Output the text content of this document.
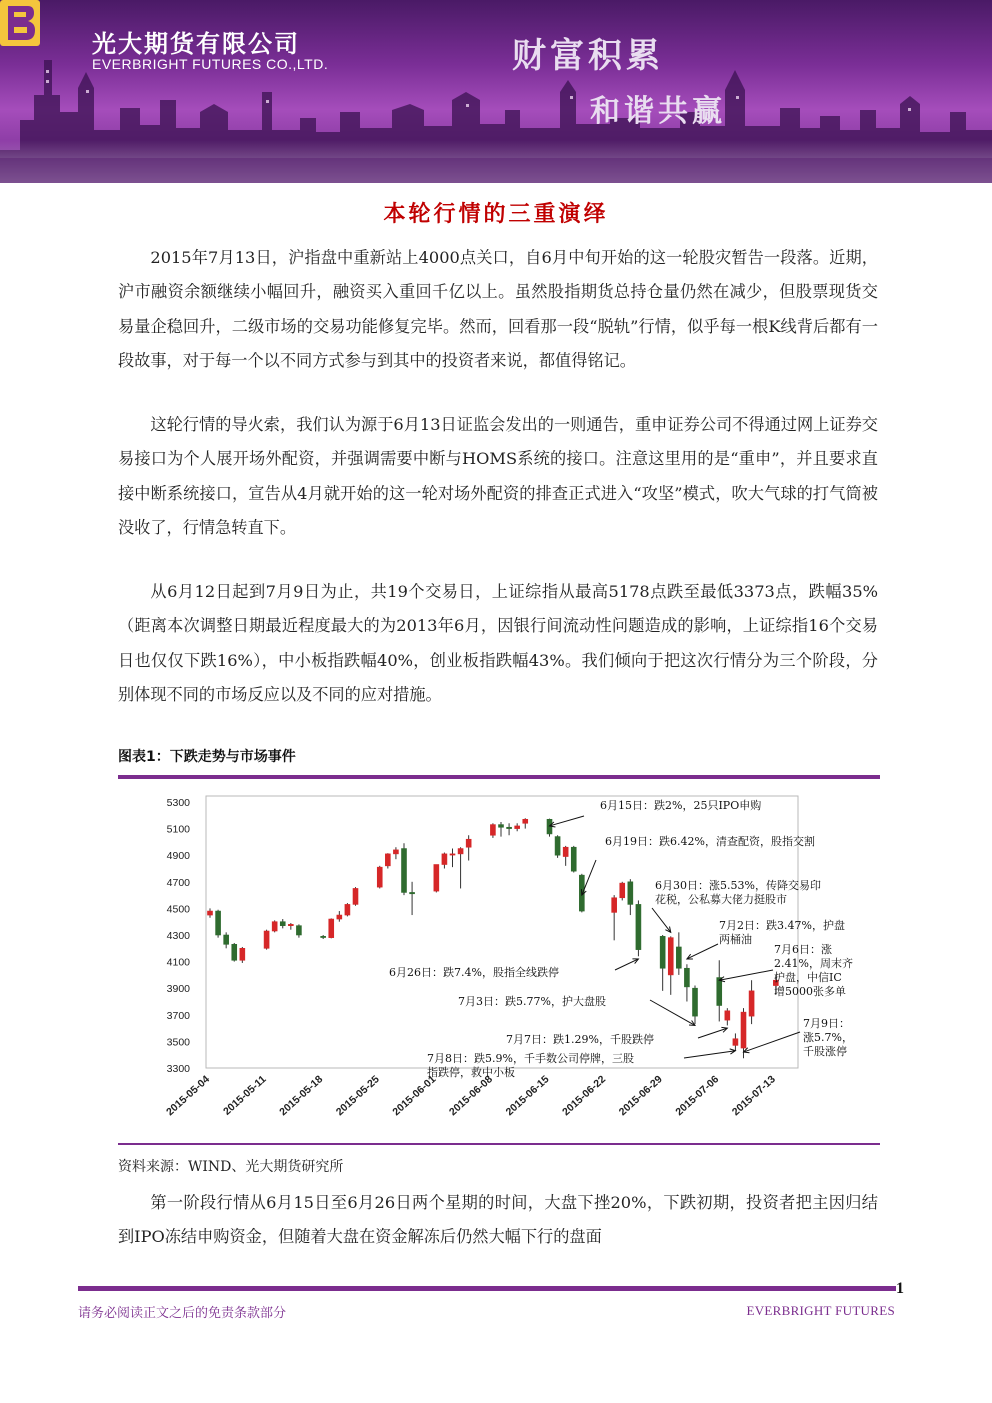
光大期货有限公司
EVERBRIGHT FUTURES CO.,LTD.	财富积累
和谐共赢
本轮行情的三重演绎

2015年7月13日，沪指盘中重新站上4000点关口，自6月中旬开始的这一轮股灾暂告一段落。近期，沪市融资余额继续小幅回升，融资买入重回千亿以上。虽然股指期货总持仓量仍然在减少，但股票现货交易量企稳回升，二级市场的交易功能修复完毕。然而，回看那一段“脱轨”行情，似乎每一根K线背后都有一段故事，对于每一个以不同方式参与到其中的投资者来说，都值得铭记。

这轮行情的导火索，我们认为源于6月13日证监会发出的一则通告，重申证券公司不得通过网上证券交易接口为个人展开场外配资，并强调需要中断与HOMS系统的接口。注意这里用的是“重申”，并且要求直接中断系统接口，宣告从4月就开始的这一轮对场外配资的排查正式进入“攻坚”模式，吹大气球的打气筒被没收了，行情急转直下。

从6月12日起到7月9日为止，共19个交易日，上证综指从最高5178点跌至最低3373点，跌幅35%（距离本次调整日期最近程度最大的为2013年6月，因银行间流动性问题造成的影响，上证综指16个交易日也仅仅下跌16%），中小板指跌幅40%，创业板指跌幅43%。我们倾向于把这次行情分为三个阶段，分别体现不同的市场反应以及不同的应对措施。

图表1：下跌走势与市场事件
3300
3500
3700
3900
4100
4300
4500
4700
4900
5100
5300
2015-05-04 2015-05-11 2015-05-18 2015-05-25 2015-06-01 2015-06-08 2015-06-15 2015-06-22 2015-06-29 2015-07-06 2015-07-13
6月15日：跌2%，25只IPO申购
6月19日：跌6.42%，清查配资，股指交割
6月30日：涨5.53%，传降交易印
花税，公私募大佬力挺股市
7月2日：跌3.47%，护盘
两桶油
7月6日：涨
2.41%，周末齐
护盘，中信IC
增5000张多单
6月26日：跌7.4%，股指全线跌停
7月3日：跌5.77%，护大盘股
7月7日：跌1.29%，千股跌停
7月8日：跌5.9%，千手数公司停牌，三股
指跌停，救中小板
7月9日：
涨5.7%，
千股涨停
资料来源：WIND、光大期货研究所

第一阶段行情从6月15日至6月26日两个星期的时间，大盘下挫20%，下跌初期，投资者把主因归结到IPO冻结申购资金，但随着大盘在资金解冻后仍然大幅下行的盘面

1
请务必阅读正文之后的免责条款部分	EVERBRIGHT FUTURES
